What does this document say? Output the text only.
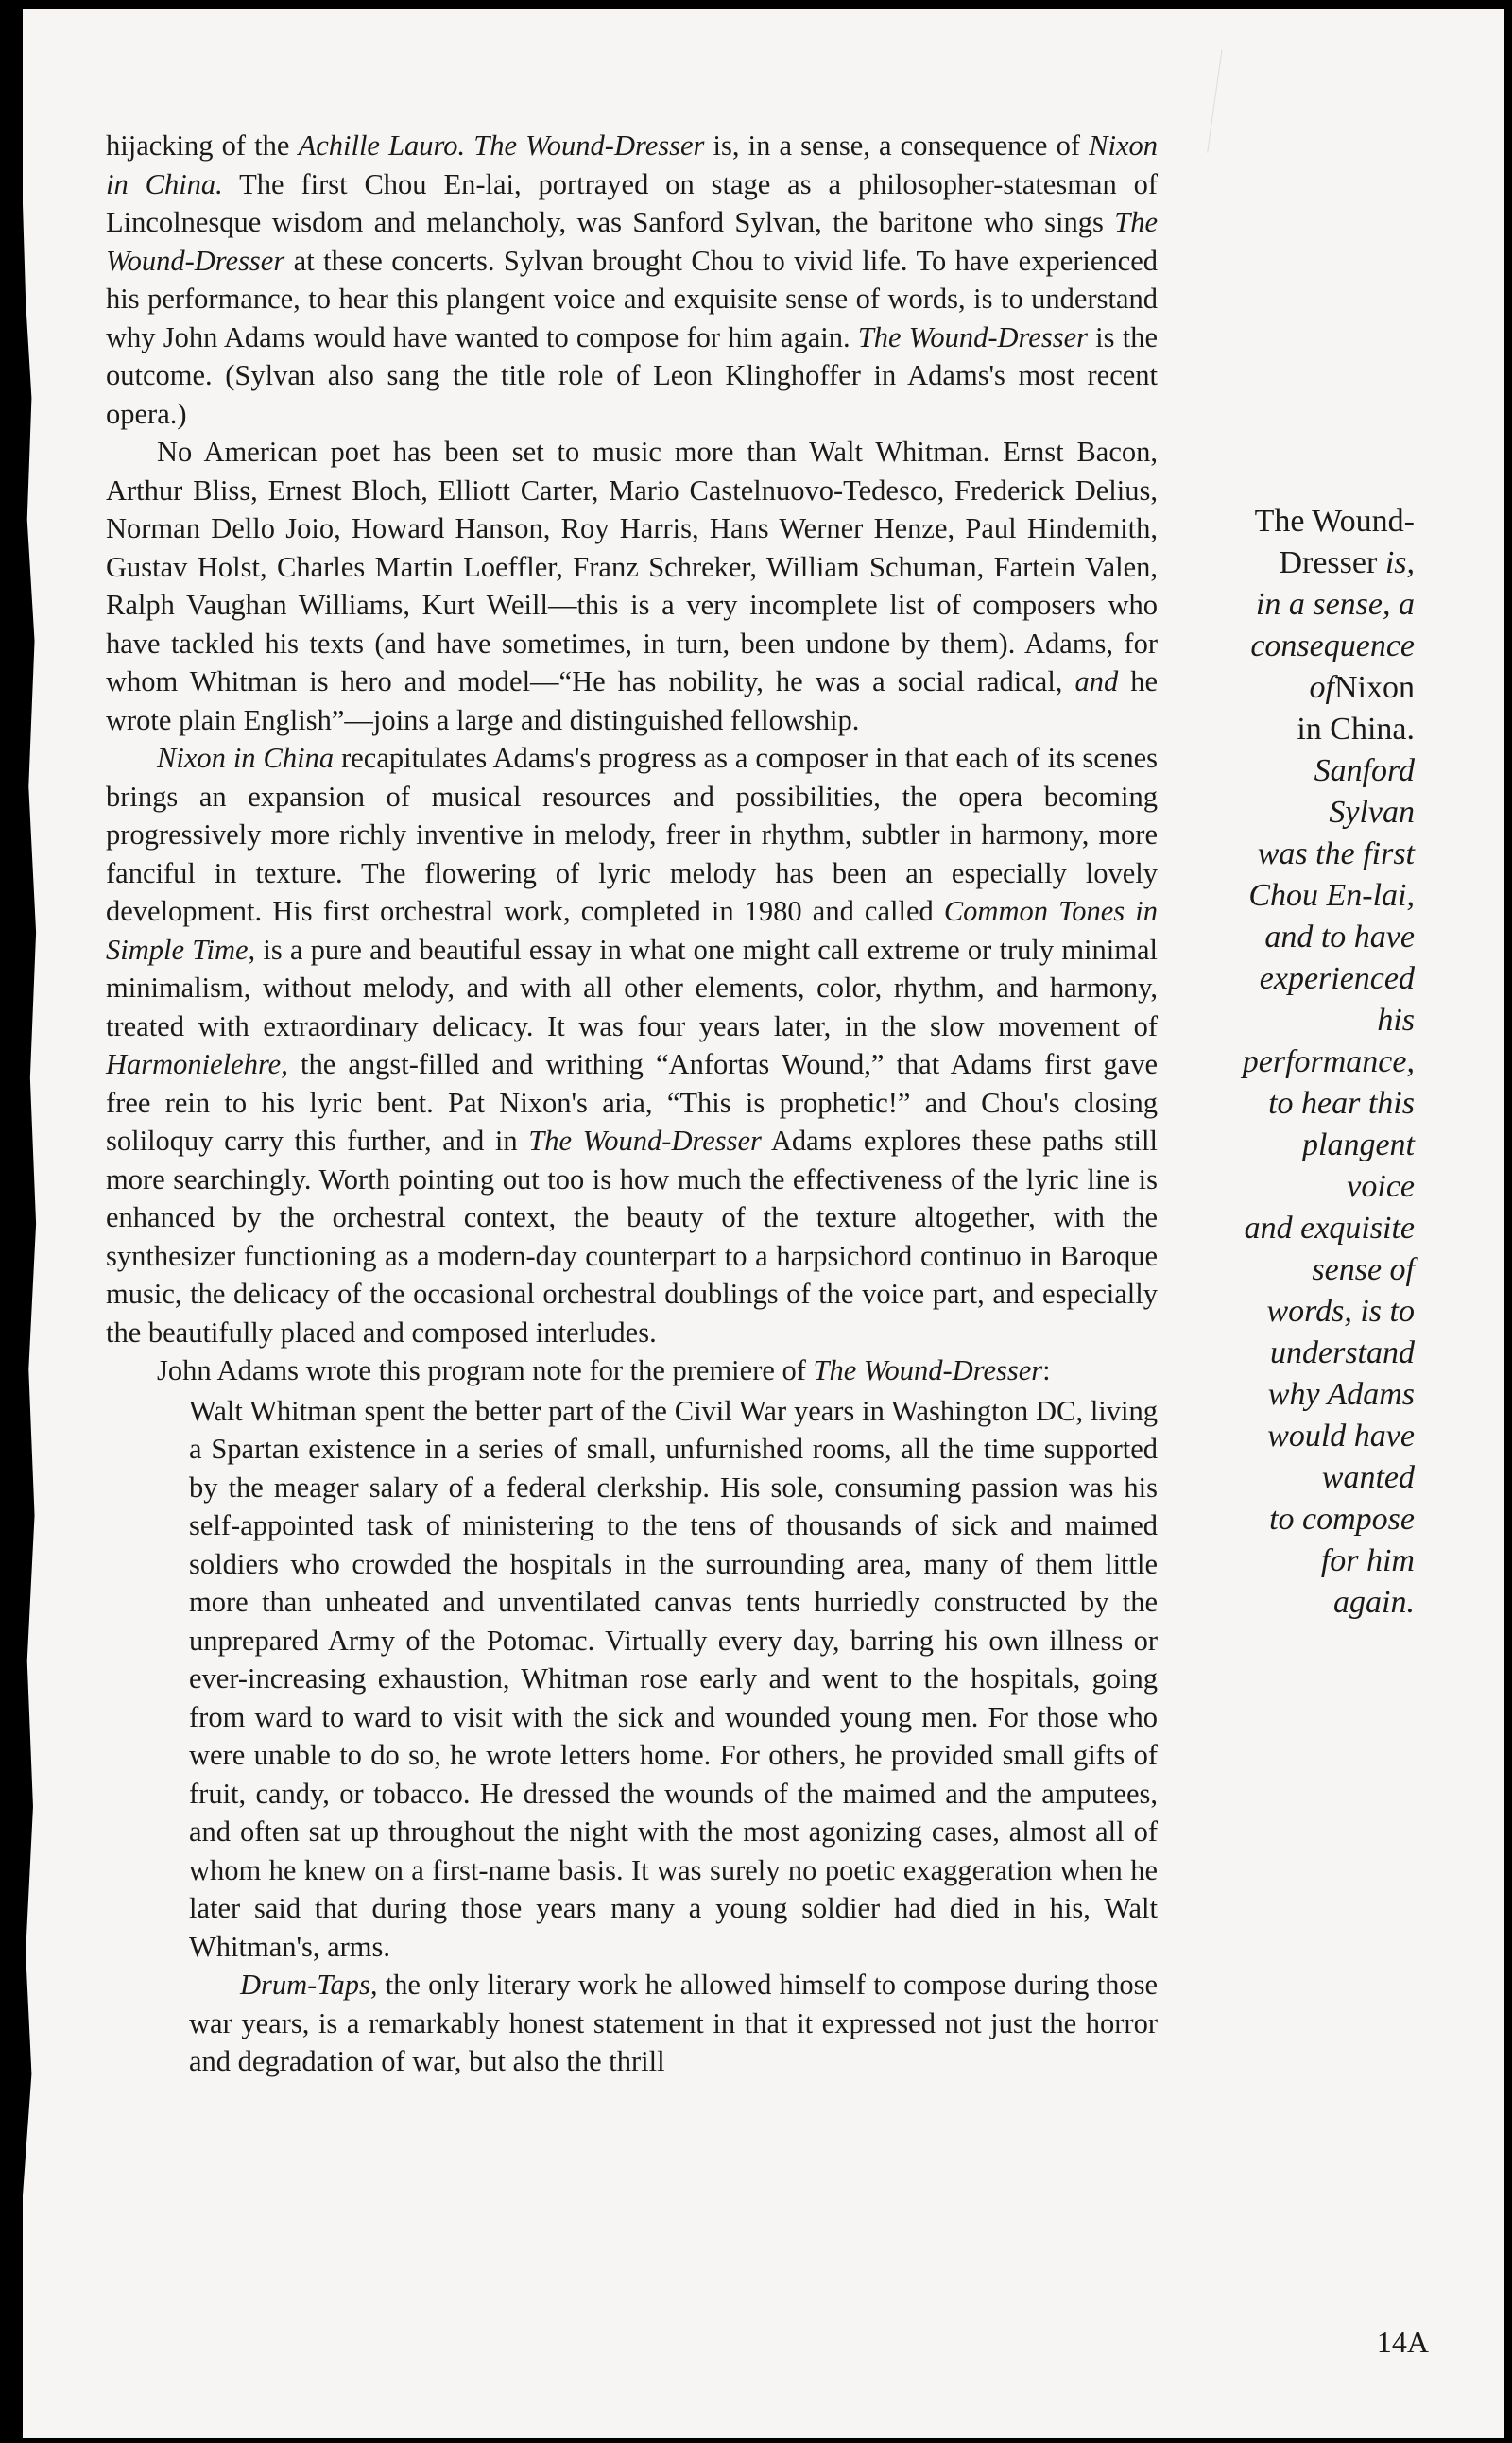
hijacking of the Achille Lauro. The Wound-Dresser is, in a sense, a consequence of Nixon in China. The first Chou En-lai, portrayed on stage as a philosopher-statesman of Lincolnesque wisdom and melancholy, was Sanford Sylvan, the baritone who sings The Wound-Dresser at these concerts. Sylvan brought Chou to vivid life. To have experienced his performance, to hear this plangent voice and exquisite sense of words, is to understand why John Adams would have wanted to compose for him again. The Wound-Dresser is the outcome. (Sylvan also sang the title role of Leon Klinghoffer in Adams's most recent opera.)

No American poet has been set to music more than Walt Whitman. Ernst Bacon, Arthur Bliss, Ernest Bloch, Elliott Carter, Mario Castelnuovo-Tedesco, Frederick Delius, Norman Dello Joio, Howard Hanson, Roy Harris, Hans Werner Henze, Paul Hindemith, Gustav Holst, Charles Martin Loeffler, Franz Schreker, William Schuman, Fartein Valen, Ralph Vaughan Williams, Kurt Weill—this is a very incomplete list of composers who have tackled his texts (and have sometimes, in turn, been undone by them). Adams, for whom Whitman is hero and model—“He has nobility, he was a social radical, and he wrote plain English”—joins a large and distinguished fellowship.

Nixon in China recapitulates Adams's progress as a composer in that each of its scenes brings an expansion of musical resources and possibilities, the opera becoming progressively more richly inventive in melody, freer in rhythm, subtler in harmony, more fanciful in texture. The flowering of lyric melody has been an especially lovely development. His first orchestral work, completed in 1980 and called Common Tones in Simple Time, is a pure and beautiful essay in what one might call extreme or truly minimal minimalism, without melody, and with all other elements, color, rhythm, and harmony, treated with extraordinary delicacy. It was four years later, in the slow movement of Harmonielehre, the angst-filled and writhing “Anfortas Wound,” that Adams first gave free rein to his lyric bent. Pat Nixon's aria, “This is prophetic!” and Chou's closing soliloquy carry this further, and in The Wound-Dresser Adams explores these paths still more searchingly. Worth pointing out too is how much the effectiveness of the lyric line is enhanced by the orchestral context, the beauty of the texture altogether, with the synthesizer functioning as a modern-day counterpart to a harpsichord continuo in Baroque music, the delicacy of the occasional orchestral doublings of the voice part, and especially the beautifully placed and composed interludes.

John Adams wrote this program note for the premiere of The Wound-Dresser:

Walt Whitman spent the better part of the Civil War years in Washington DC, living a Spartan existence in a series of small, unfurnished rooms, all the time supported by the meager salary of a federal clerkship. His sole, consuming passion was his self-appointed task of ministering to the tens of thousands of sick and maimed soldiers who crowded the hospitals in the surrounding area, many of them little more than unheated and unventilated canvas tents hurriedly constructed by the unprepared Army of the Potomac. Virtually every day, barring his own illness or ever-increasing exhaustion, Whitman rose early and went to the hospitals, going from ward to ward to visit with the sick and wounded young men. For those who were unable to do so, he wrote letters home. For others, he provided small gifts of fruit, candy, or tobacco. He dressed the wounds of the maimed and the amputees, and often sat up throughout the night with the most agonizing cases, almost all of whom he knew on a first-name basis. It was surely no poetic exaggeration when he later said that during those years many a young soldier had died in his, Walt Whitman's, arms.

Drum-Taps, the only literary work he allowed himself to compose during those war years, is a remarkably honest statement in that it expressed not just the horror and degradation of war, but also the thrill

The Wound-Dresser is,
in a sense, a
consequence
ofNixon
in China.
Sanford
Sylvan
was the first
Chou En-lai,
and to have
experienced
his
performance,
to hear this
plangent
voice
and exquisite
sense of
words, is to
understand
why Adams
would have
wanted
to compose
for him
again.

14A
